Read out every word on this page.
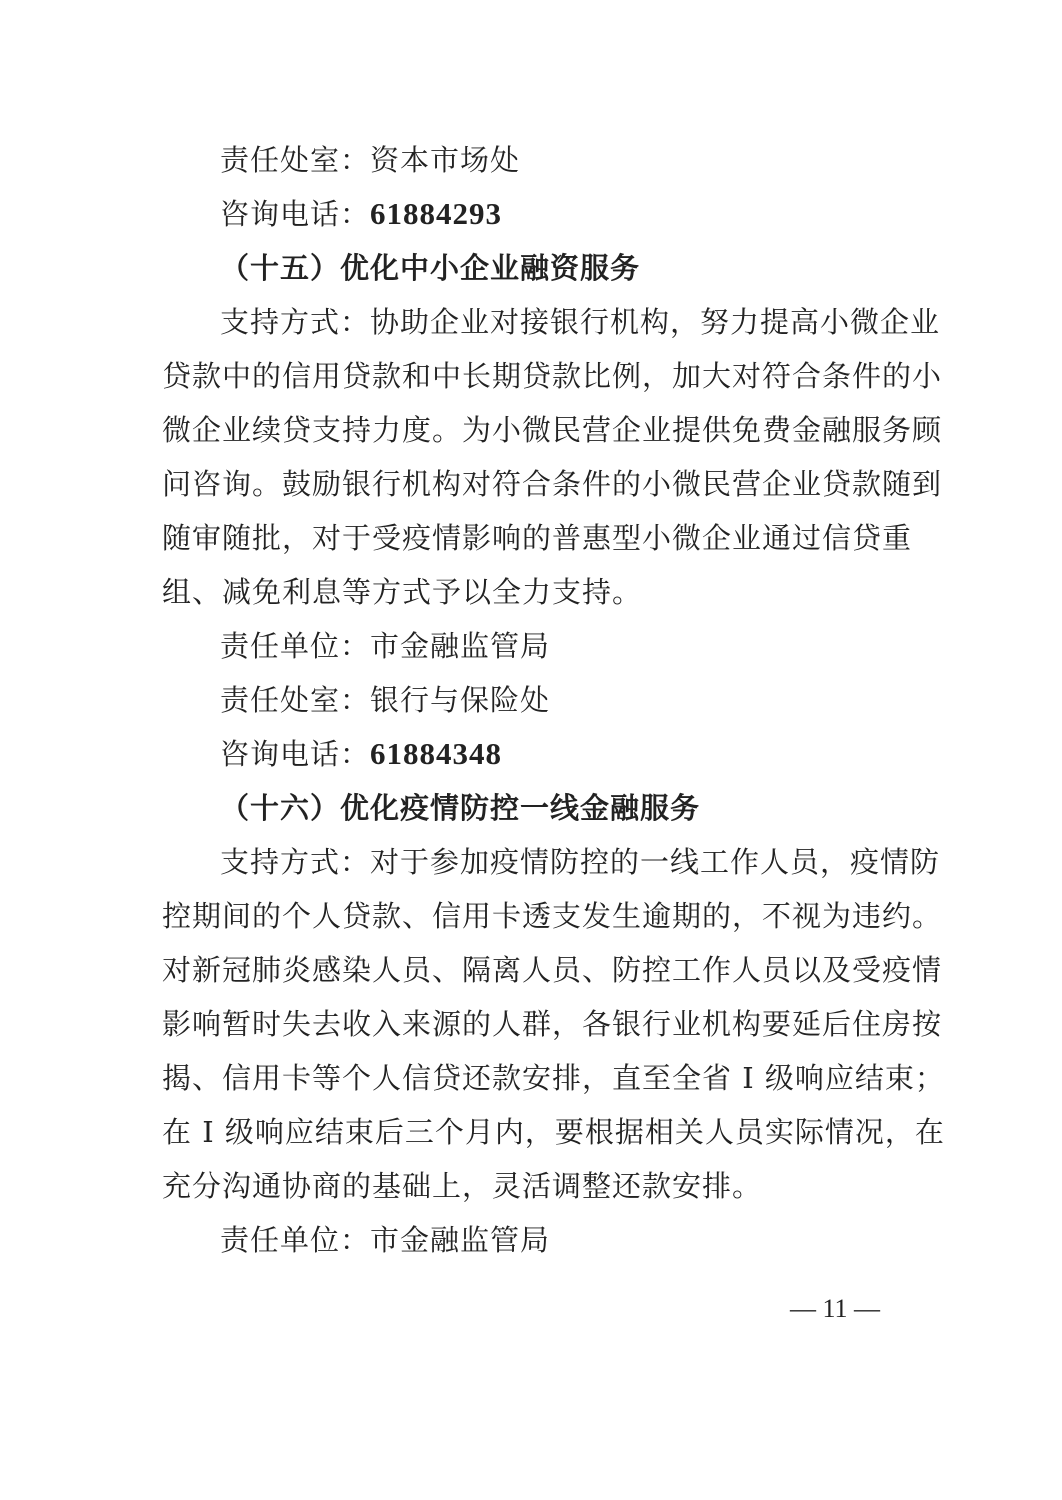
责任处室：资本市场处
咨询电话：61884293
（十五）优化中小企业融资服务
支持方式：协助企业对接银行机构，努力提高小微企业
贷款中的信用贷款和中长期贷款比例，加大对符合条件的小
微企业续贷支持力度。为小微民营企业提供免费金融服务顾
问咨询。鼓励银行机构对符合条件的小微民营企业贷款随到
随审随批，对于受疫情影响的普惠型小微企业通过信贷重
组、减免利息等方式予以全力支持。
责任单位：市金融监管局
责任处室：银行与保险处
咨询电话：61884348
（十六）优化疫情防控一线金融服务
支持方式：对于参加疫情防控的一线工作人员，疫情防
控期间的个人贷款、信用卡透支发生逾期的，不视为违约。
对新冠肺炎感染人员、隔离人员、防控工作人员以及受疫情
影响暂时失去收入来源的人群，各银行业机构要延后住房按
揭、信用卡等个人信贷还款安排，直至全省 I 级响应结束；
在 I 级响应结束后三个月内，要根据相关人员实际情况，在
充分沟通协商的基础上，灵活调整还款安排。
责任单位：市金融监管局
— 11 —
